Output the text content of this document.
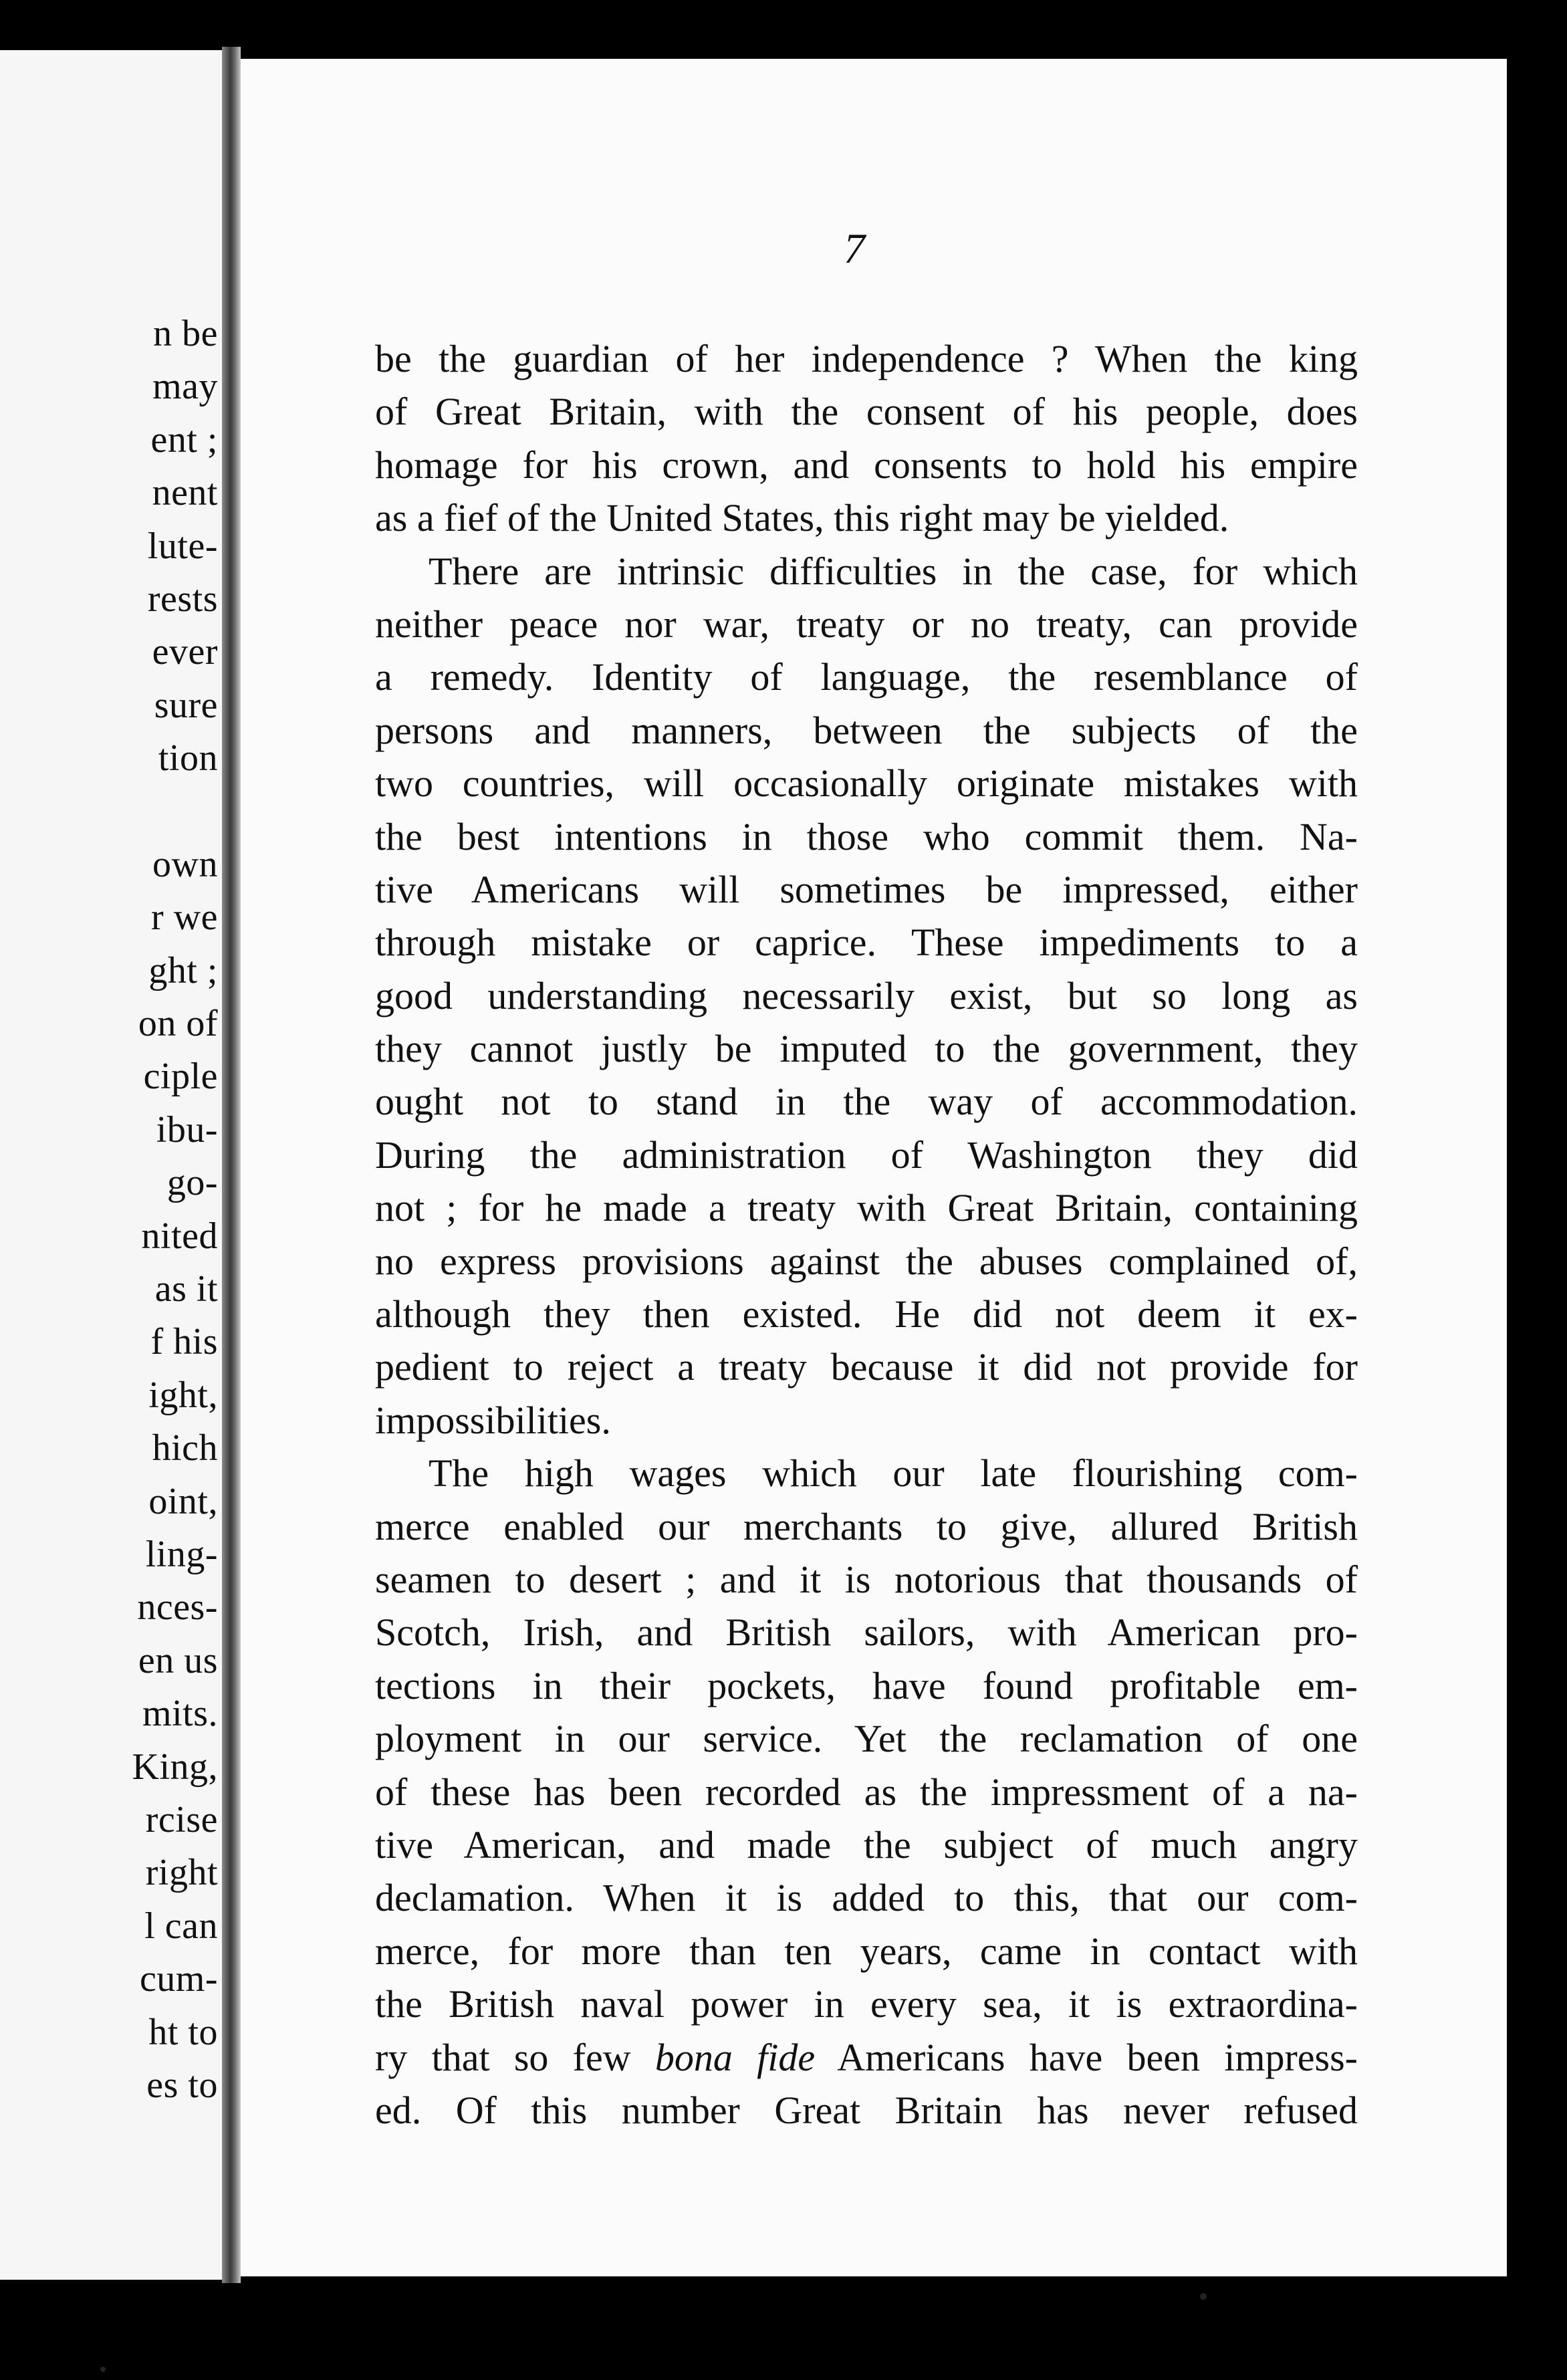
n be
may
ent ;
nent
lute-
rests
ever
sure
tion
own
r we
ght ;
on of
ciple
ibu-
go-
nited
as it
f his
ight,
hich
oint,
ling-
nces-
en us
mits.
King,
rcise
right
l can
cum-
ht to
es to
7
be the guardian of her independence ? When the king
of Great Britain, with the consent of his people, does
homage for his crown, and consents to hold his empire
as a fief of the United States, this right may be yielded.
There are intrinsic difficulties in the case, for which
neither peace nor war, treaty or no treaty, can provide
a remedy. Identity of language, the resemblance of
persons and manners, between the subjects of the
two countries, will occasionally originate mistakes with
the best intentions in those who commit them. Na-
tive Americans will sometimes be impressed, either
through mistake or caprice. These impediments to a
good understanding necessarily exist, but so long as
they cannot justly be imputed to the government, they
ought not to stand in the way of accommodation.
During the administration of Washington they did
not ; for he made a treaty with Great Britain, containing
no express provisions against the abuses complained of,
although they then existed. He did not deem it ex-
pedient to reject a treaty because it did not provide for
impossibilities.
The high wages which our late flourishing com-
merce enabled our merchants to give, allured British
seamen to desert ; and it is notorious that thousands of
Scotch, Irish, and British sailors, with American pro-
tections in their pockets, have found profitable em-
ployment in our service. Yet the reclamation of one
of these has been recorded as the impressment of a na-
tive American, and made the subject of much angry
declamation. When it is added to this, that our com-
merce, for more than ten years, came in contact with
the British naval power in every sea, it is extraordina-
ry that so few bona fide Americans have been impress-
ed. Of this number Great Britain has never refused
